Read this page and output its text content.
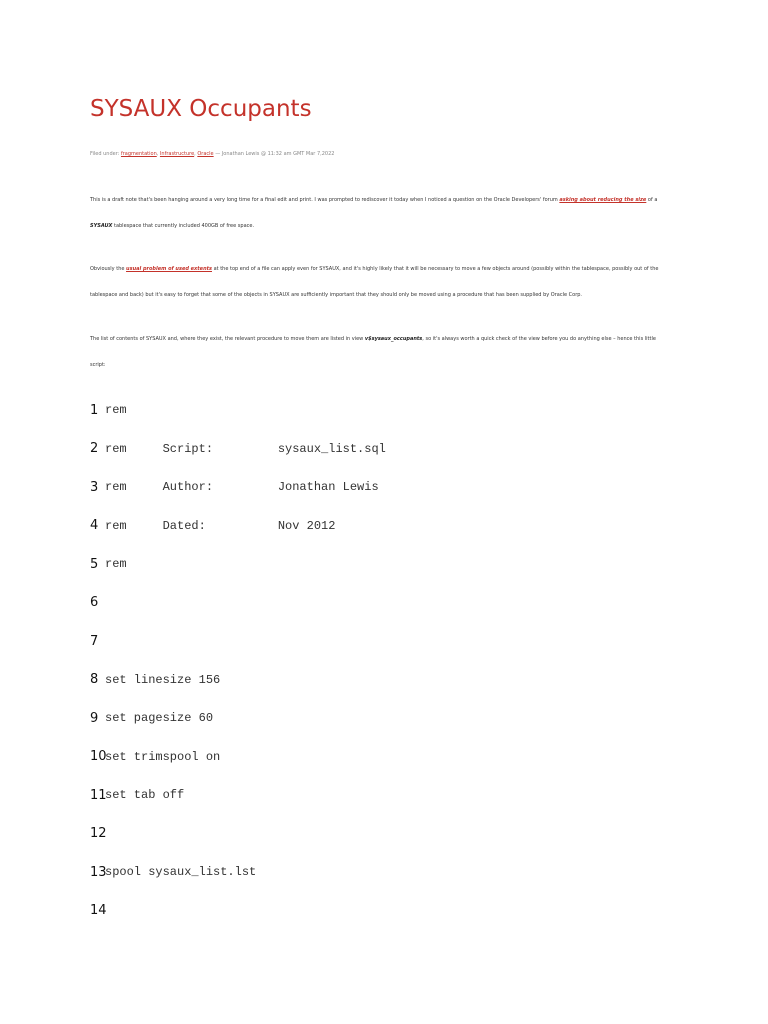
SYSAUX Occupants
Filed under: fragmentation, Infrastructure, Oracle — Jonathan Lewis @ 11:32 am GMT Mar 7,2022
This is a draft note that's been hanging around a very long time for a final edit and print. I was prompted to rediscover it today when I noticed a question on the Oracle Developers' forum asking about reducing the size of a SYSAUX tablespace that currently included 400GB of free space.
Obviously the usual problem of used extents at the top end of a file can apply even for SYSAUX, and it's highly likely that it will be necessary to move a few objects around (possibly within the tablespace, possibly out of the tablespace and back) but it's easy to forget that some of the objects in SYSAUX are sufficiently important that they should only be moved using a procedure that has been supplied by Oracle Corp.
The list of contents of SYSAUX and, where they exist, the relevant procedure to move them are listed in view v$sysaux_occupants, so it's always worth a quick check of the view before you do anything else – hence this little script:
1 rem
2 rem     Script:         sysaux_list.sql
3 rem     Author:         Jonathan Lewis
4 rem     Dated:          Nov 2012
5 rem
6
7
8 set linesize 156
9 set pagesize 60
10
set trimspool on
11
set tab off
12
13
spool sysaux_list.lst
14
